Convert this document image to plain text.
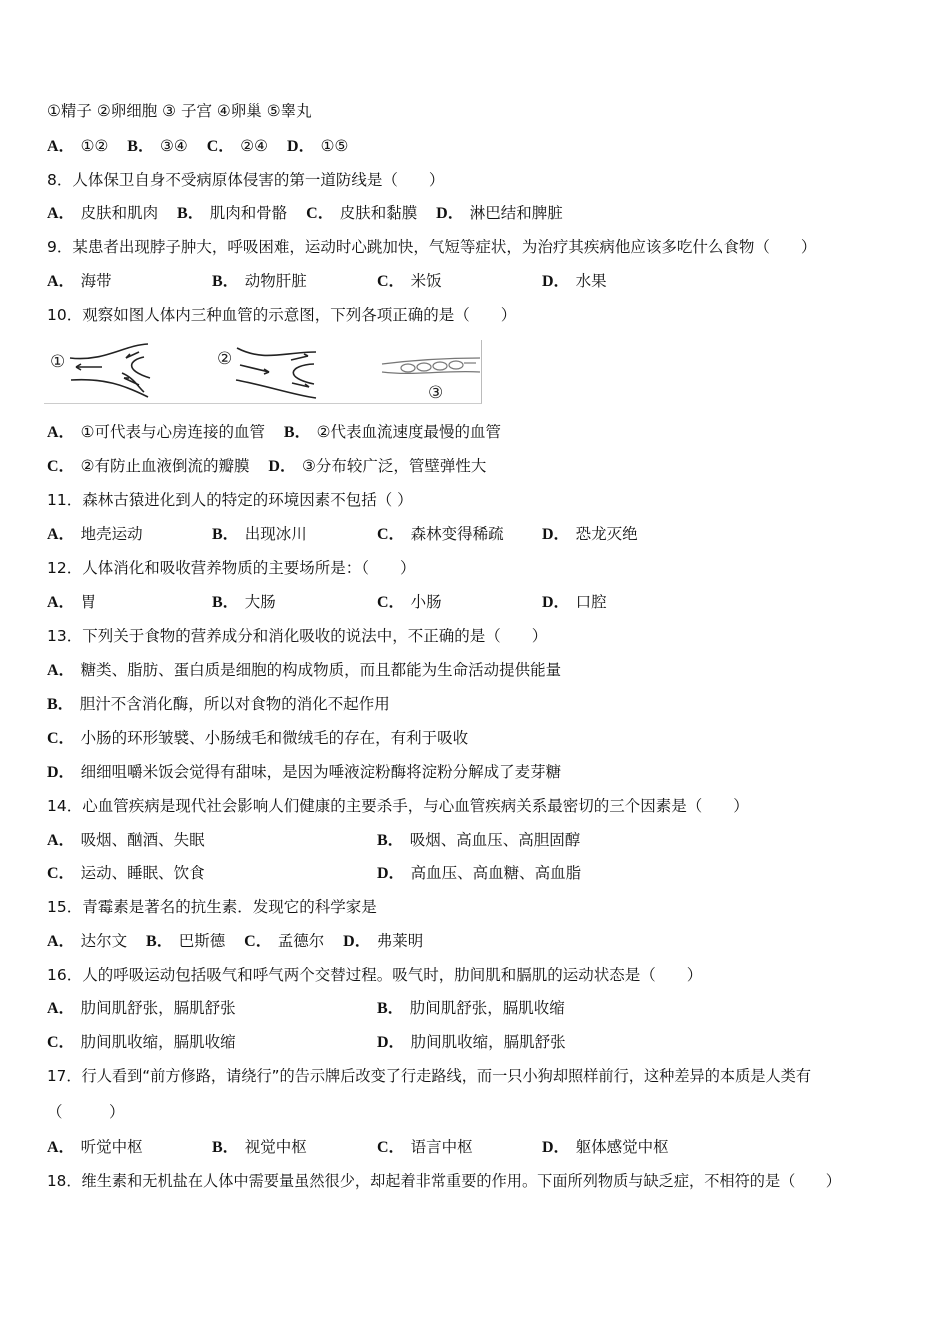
①精子 ②卵细胞 ③ 子宫 ④卵巢 ⑤睾丸
A． ①② B． ③④ C． ②④ D． ①⑤
8．人体保卫自身不受病原体侵害的第一道防线是（　　）
A． 皮肤和肌肉 B． 肌肉和骨骼 C． 皮肤和黏膜 D． 淋巴结和脾脏
9．某患者出现脖子肿大，呼吸困难，运动时心跳加快，气短等症状，为治疗其疾病他应该多吃什么食物（　　）
A． 海带	B． 动物肝脏	C． 米饭	D． 水果
10．观察如图人体内三种血管的示意图，下列各项正确的是（　　）
①	②
③
A． ①可代表与心房连接的血管 B． ②代表血流速度最慢的血管
C． ②有防止血液倒流的瓣膜 D． ③分布较广泛，管壁弹性大
11．森林古猿进化到人的特定的环境因素不包括（ ）
A． 地壳运动	B． 出现冰川	C． 森林变得稀疏 D． 恐龙灭绝
12．人体消化和吸收营养物质的主要场所是：（　　）
A． 胃	B． 大肠	C． 小肠	D． 口腔
13．下列关于食物的营养成分和消化吸收的说法中，不正确的是（　　）
A． 糖类、脂肪、蛋白质是细胞的构成物质，而且都能为生命活动提供能量
B． 胆汁不含消化酶，所以对食物的消化不起作用
C． 小肠的环形皱襞、小肠绒毛和微绒毛的存在，有利于吸收
D． 细细咀嚼米饭会觉得有甜味，是因为唾液淀粉酶将淀粉分解成了麦芽糖
14．心血管疾病是现代社会影响人们健康的主要杀手，与心血管疾病关系最密切的三个因素是（　　）
A． 吸烟、酗酒、失眠	B． 吸烟、高血压、高胆固醇
C． 运动、睡眠、饮食	D． 高血压、高血糖、高血脂
15．青霉素是著名的抗生素．发现它的科学家是
A． 达尔文 B． 巴斯德 C． 孟德尔 D． 弗莱明
16．人的呼吸运动包括吸气和呼气两个交替过程。吸气时，肋间肌和膈肌的运动状态是（　　）
A． 肋间肌舒张，膈肌舒张	B． 肋间肌舒张，膈肌收缩
C． 肋间肌收缩，膈肌收缩	D． 肋间肌收缩，膈肌舒张
17．行人看到“前方修路，请绕行”的告示牌后改变了行走路线，而一只小狗却照样前行，这种差异的本质是人类有
（　　　）
A． 听觉中枢	B． 视觉中枢	C． 语言中枢	D． 躯体感觉中枢
18．维生素和无机盐在人体中需要量虽然很少，却起着非常重要的作用。下面所列物质与缺乏症，不相符的是（　　）
